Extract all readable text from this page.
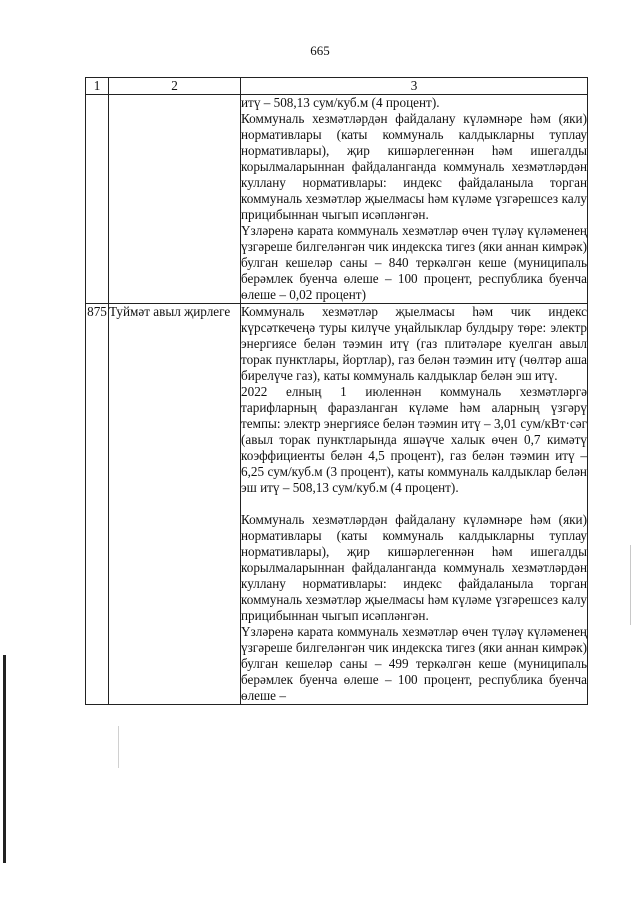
665
1	2	3

		итү – 508,13 сум/куб.м (4 процент).

Коммуналь хезмәтләрдән файдалану күләмнәре һәм (яки) нормативлары (каты коммуналь калдыкларны туплау нормативлары), җир кишәрлегеннән һәм ишегалды корылмаларыннан файдаланганда коммуналь хезмәтләрдән куллану нормативлары: индекс файдаланыла торган коммуналь хезмәтләр җыелмасы һәм күләме үзгәрешсез калу прицибыннан чыгып исәпләнгән.

Үзләренә карата коммуналь хезмәтләр өчен түләү күләменең үзгәреше билгеләнгән чик индекска тигез (яки аннан кимрәк) булган кешеләр саны – 840 теркәлгән кеше (муниципаль берәмлек буенча өлеше – 100 процент, республика буенча өлеше – 0,02 процент)

875	Туймәт авыл җирлеге	Коммуналь хезмәтләр җыелмасы һәм чик индекс күрсәткечеңә туры килүче уңайлыклар булдыру төре: электр энергиясе белән тәэмин итү (газ плитәләре куелган авыл торак пунктлары, йортлар), газ белән тәэмин итү (чөлтәр аша бирелүче газ), каты коммуналь калдыклар белән эш итү.

2022 елның 1 июленнән коммуналь хезмәтләргә тарифларның фаразланган күләме һәм аларның үзгәрү темпы: электр энергиясе белән тәэмин итү – 3,01 сум/кВт·сәг (авыл торак пунктларында яшәүче халык өчен 0,7 кимәтү коэффициенты белән 4,5 процент), газ белән тәэмин итү – 6,25 сум/куб.м (3 процент), каты коммуналь калдыклар белән эш итү – 508,13 сум/куб.м (4 процент).

Коммуналь хезмәтләрдән файдалану күләмнәре һәм (яки) нормативлары (каты коммуналь калдыкларны туплау нормативлары), җир кишәрлегеннән һәм ишегалды корылмаларыннан файдаланганда коммуналь хезмәтләрдән куллану нормативлары: индекс файдаланыла торган коммуналь хезмәтләр җыелмасы һәм күләме үзгәрешсез калу прицибыннан чыгып исәпләнгән.

Үзләренә карата коммуналь хезмәтләр өчен түләү күләменең үзгәреше билгеләнгән чик индекска тигез (яки аннан кимрәк) булган кешеләр саны – 499 теркәлгән кеше (муниципаль берәмлек буенча өлеше – 100 процент, республика буенча өлеше –
